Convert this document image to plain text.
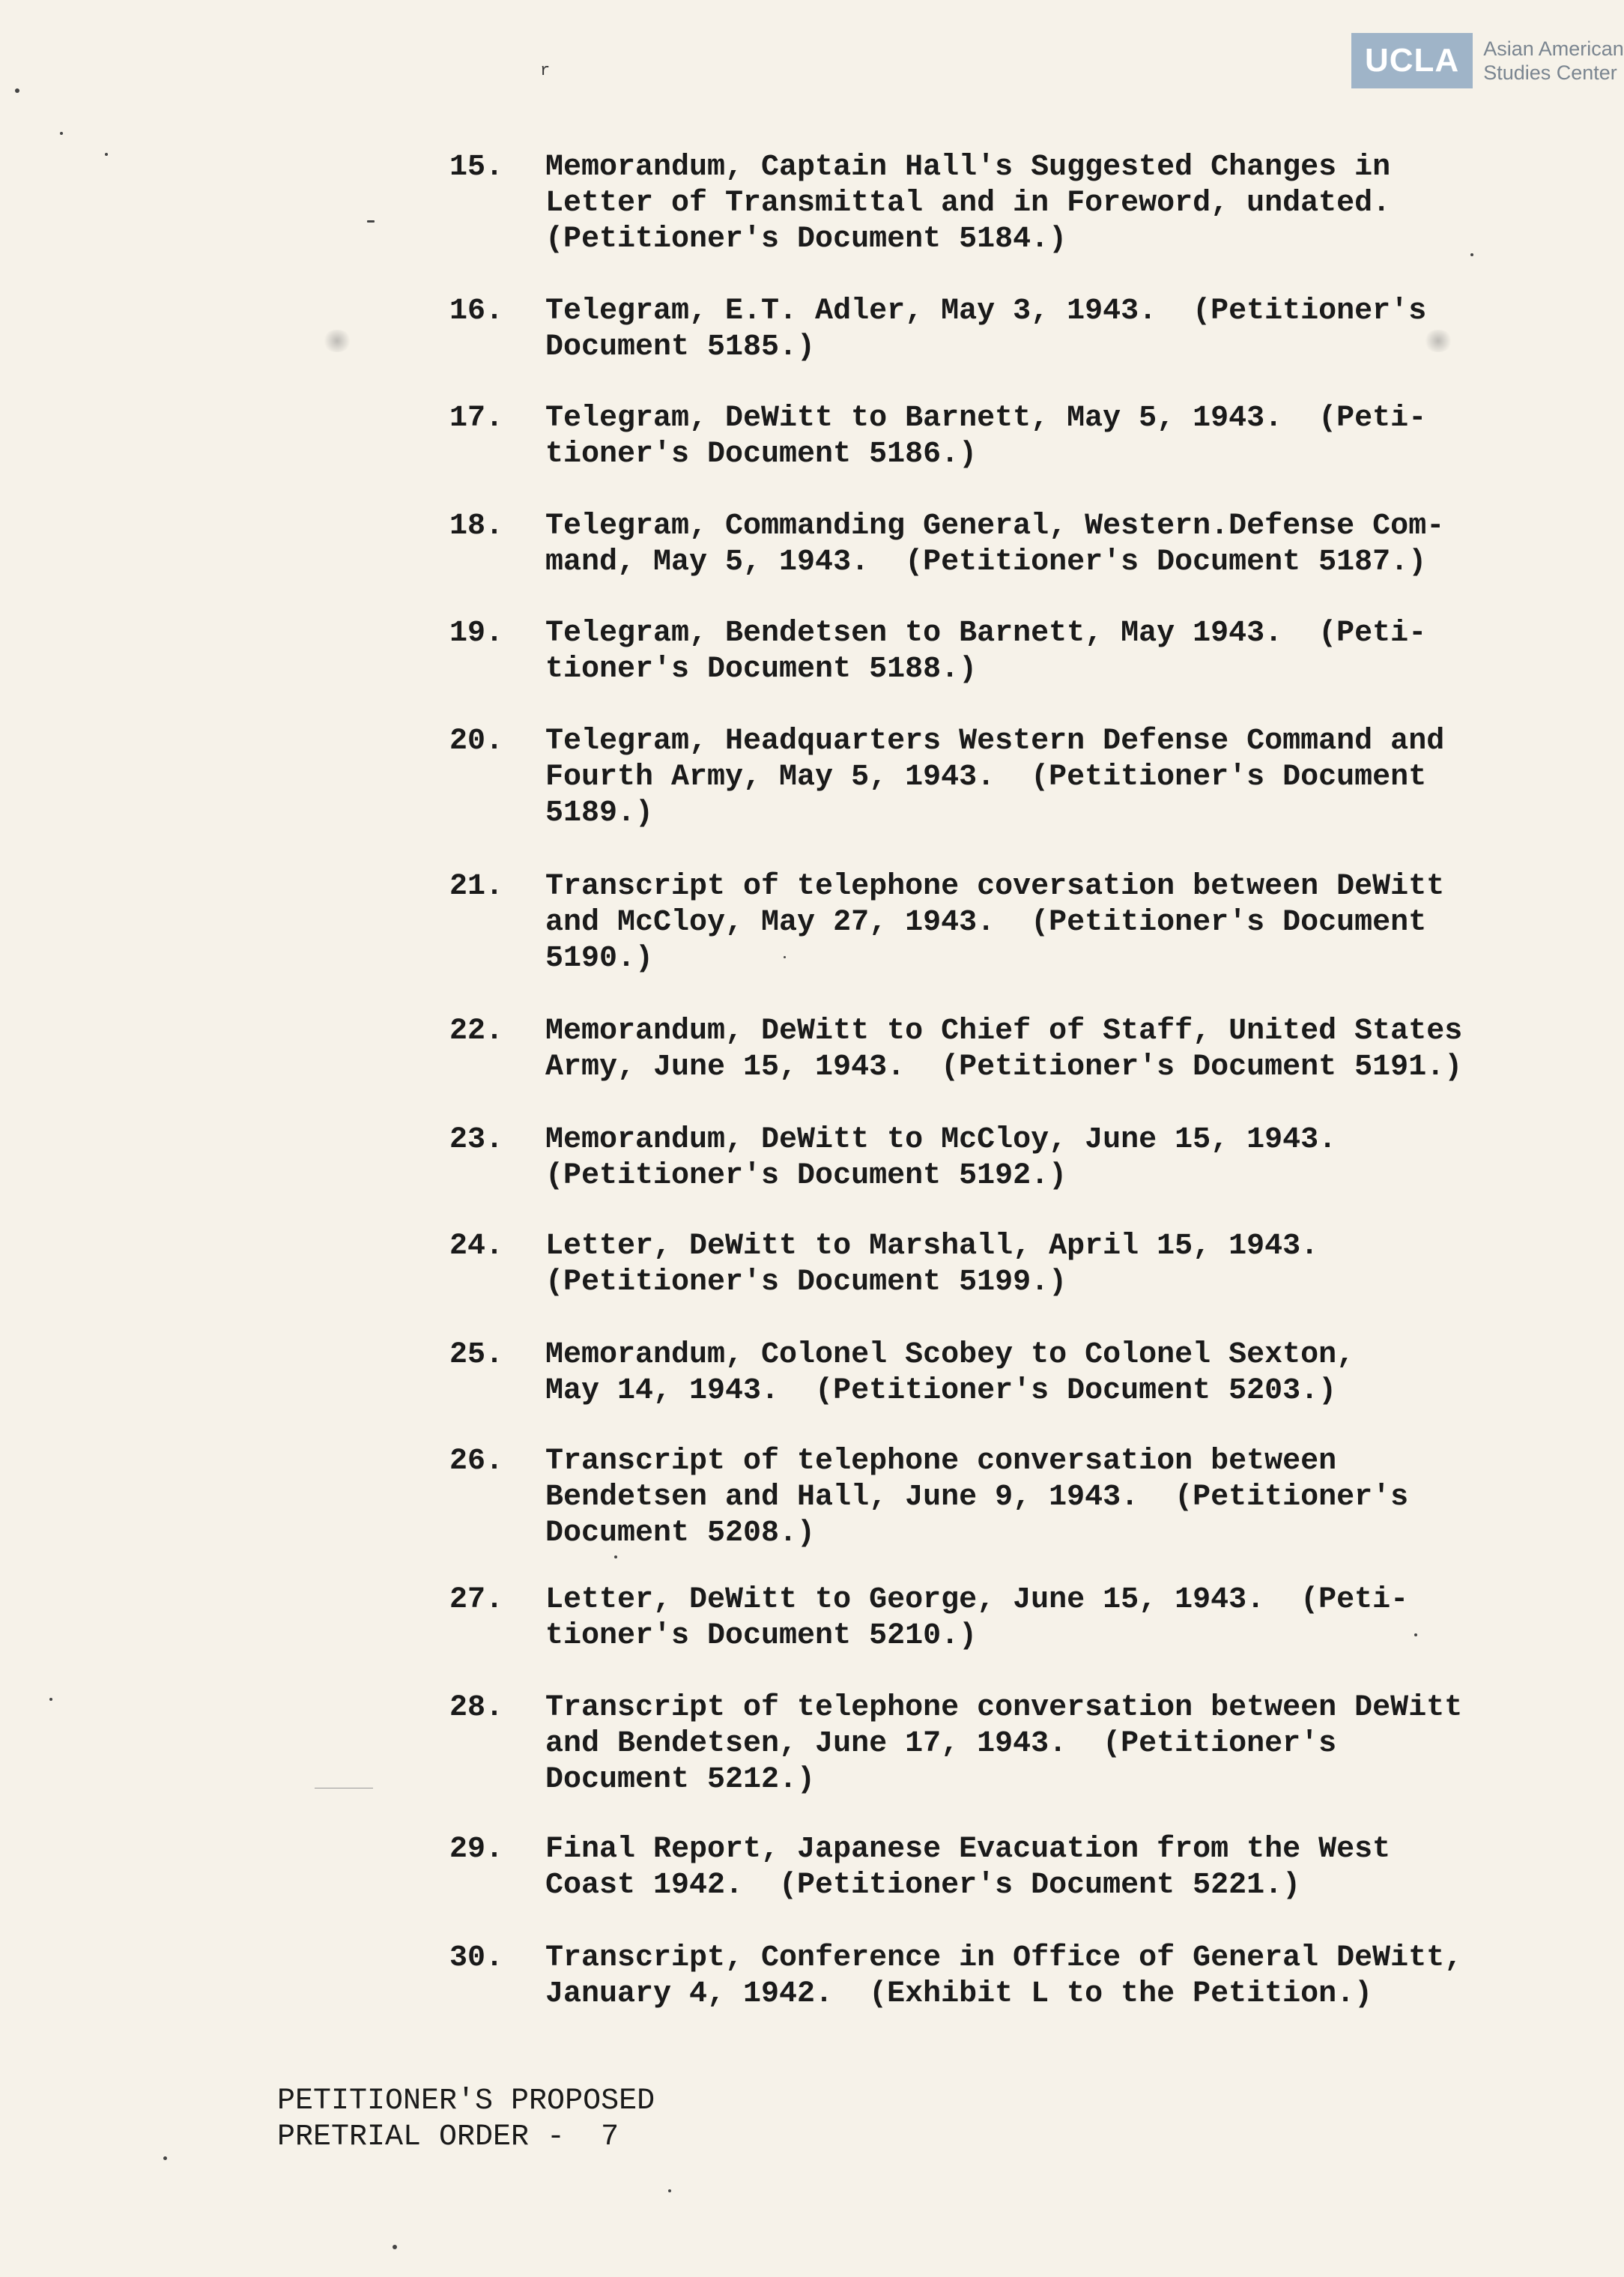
UCLA	Asian American
Studies Center
r
15. Memorandum, Captain Hall's Suggested Changes in
Letter of Transmittal and in Foreword, undated.
(Petitioner's Document 5184.)
16. Telegram, E.T. Adler, May 3, 1943.  (Petitioner's
Document 5185.)
17. Telegram, DeWitt to Barnett, May 5, 1943.  (Peti-
tioner's Document 5186.)
18. Telegram, Commanding General, Western.Defense Com-
mand, May 5, 1943.  (Petitioner's Document 5187.)
19. Telegram, Bendetsen to Barnett, May 1943.  (Peti-
tioner's Document 5188.)
20. Telegram, Headquarters Western Defense Command and
Fourth Army, May 5, 1943.  (Petitioner's Document
5189.)
21. Transcript of telephone coversation between DeWitt
and McCloy, May 27, 1943.  (Petitioner's Document
5190.)
22. Memorandum, DeWitt to Chief of Staff, United States
Army, June 15, 1943.  (Petitioner's Document 5191.)
23. Memorandum, DeWitt to McCloy, June 15, 1943.
(Petitioner's Document 5192.)
24. Letter, DeWitt to Marshall, April 15, 1943.
(Petitioner's Document 5199.)
25. Memorandum, Colonel Scobey to Colonel Sexton,
May 14, 1943.  (Petitioner's Document 5203.)
26. Transcript of telephone conversation between
Bendetsen and Hall, June 9, 1943.  (Petitioner's
Document 5208.)
27. Letter, DeWitt to George, June 15, 1943.  (Peti-
tioner's Document 5210.)
28. Transcript of telephone conversation between DeWitt
and Bendetsen, June 17, 1943.  (Petitioner's
Document 5212.)
29. Final Report, Japanese Evacuation from the West
Coast 1942.  (Petitioner's Document 5221.)
30. Transcript, Conference in Office of General DeWitt,
January 4, 1942.  (Exhibit L to the Petition.)
PETITIONER'S PROPOSED
PRETRIAL ORDER -  7
